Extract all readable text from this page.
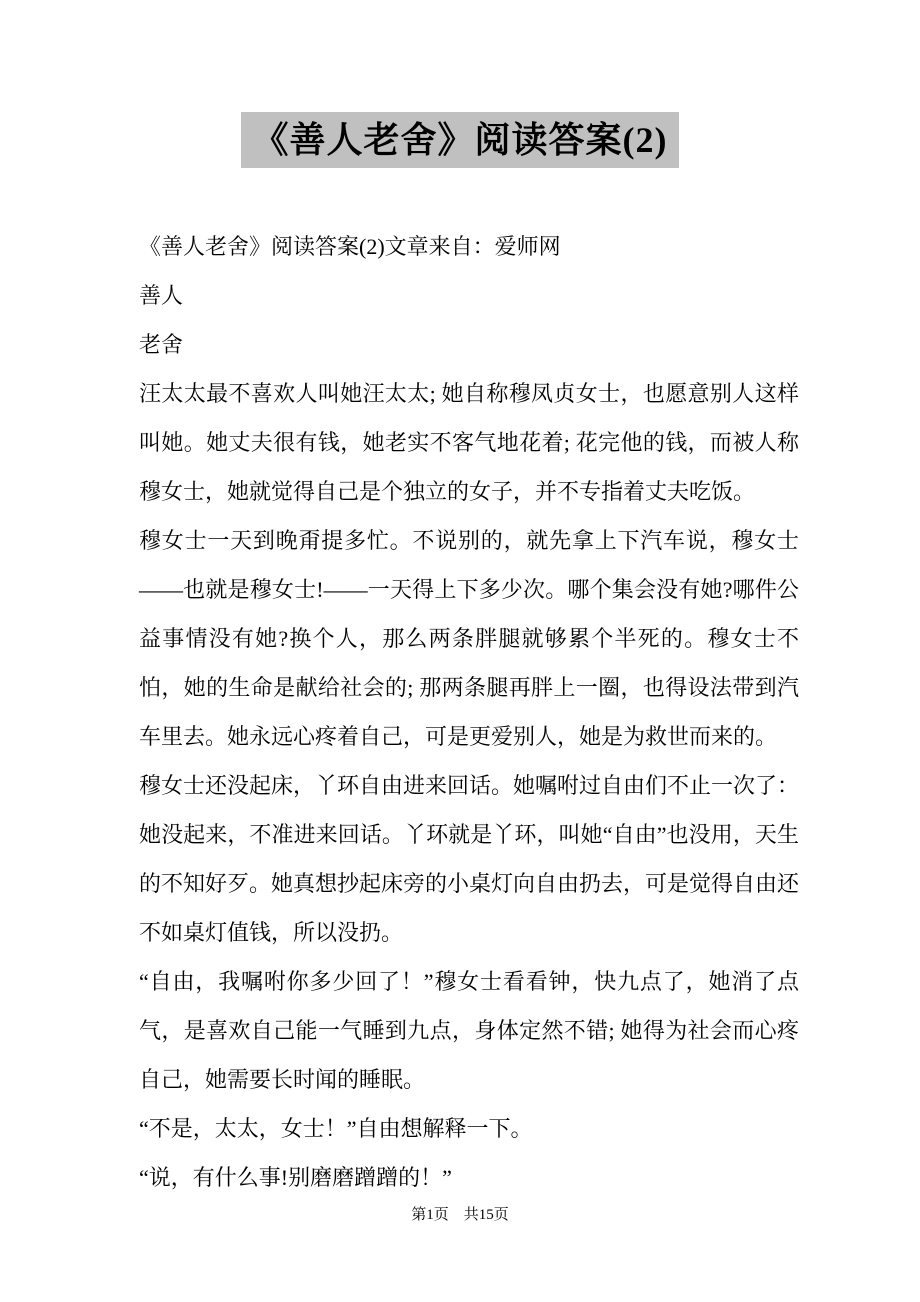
《善人老舍》阅读答案(2)

《善人老舍》阅读答案(2)文章来自：爱师网

善人

老舍

汪太太最不喜欢人叫她汪太太; 她自称穆凤贞女士，也愿意别人这样叫她。她丈夫很有钱，她老实不客气地花着; 花完他的钱，而被人称穆女士，她就觉得自己是个独立的女子，并不专指着丈夫吃饭。

穆女士一天到晚甭提多忙。不说别的，就先拿上下汽车说，穆女士——也就是穆女士!——一天得上下多少次。哪个集会没有她?哪件公益事情没有她?换个人，那么两条胖腿就够累个半死的。穆女士不怕，她的生命是献给社会的; 那两条腿再胖上一圈，也得设法带到汽车里去。她永远心疼着自己，可是更爱别人，她是为救世而来的。

穆女士还没起床，丫环自由进来回话。她嘱咐过自由们不止一次了：她没起来，不准进来回话。丫环就是丫环，叫她“自由”也没用，天生的不知好歹。她真想抄起床旁的小桌灯向自由扔去，可是觉得自由还不如桌灯值钱，所以没扔。

“自由，我嘱咐你多少回了！”穆女士看看钟，快九点了，她消了点气，是喜欢自己能一气睡到九点，身体定然不错; 她得为社会而心疼自己，她需要长时闻的睡眠。

“不是，太太，女士！”自由想解释一下。

“说，有什么事!别磨磨蹭蹭的！”

第1页　共15页
